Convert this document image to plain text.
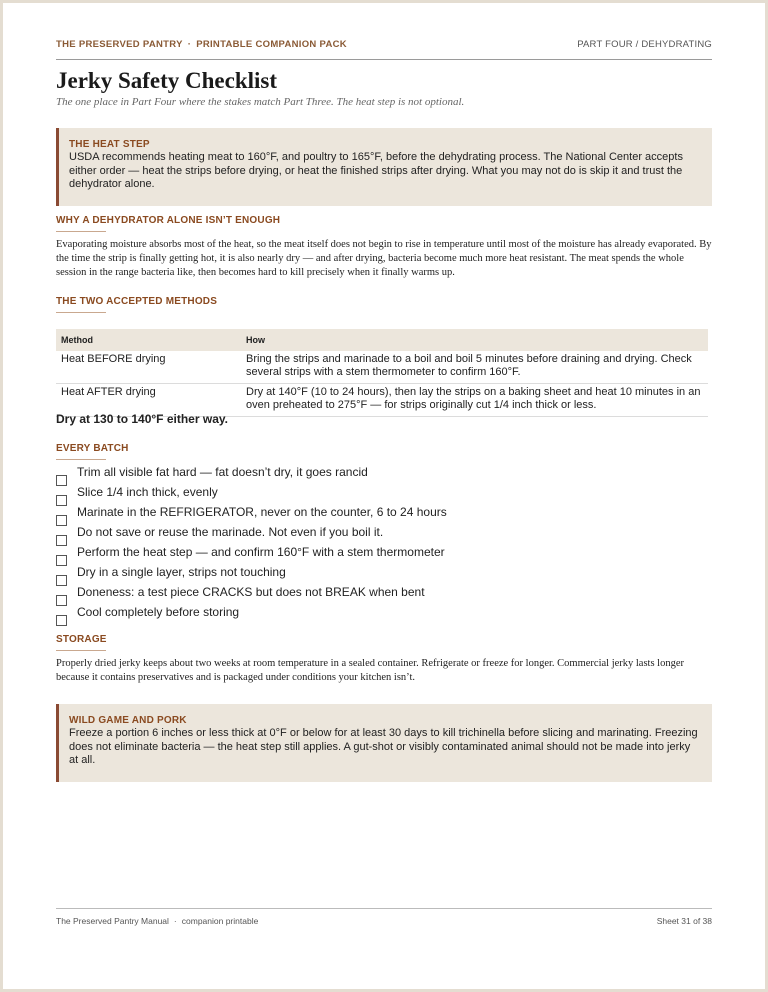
THE PRESERVED PANTRY · PRINTABLE COMPANION PACK	PART FOUR / DEHYDRATING
Jerky Safety Checklist
The one place in Part Four where the stakes match Part Three. The heat step is not optional.
THE HEAT STEP
USDA recommends heating meat to 160°F, and poultry to 165°F, before the dehydrating process. The National Center accepts either order — heat the strips before drying, or heat the finished strips after drying. What you may not do is skip it and trust the dehydrator alone.
WHY A DEHYDRATOR ALONE ISN’T ENOUGH
Evaporating moisture absorbs most of the heat, so the meat itself does not begin to rise in temperature until most of the moisture has already evaporated. By the time the strip is finally getting hot, it is also nearly dry — and after drying, bacteria become much more heat resistant. The meat spends the whole session in the range bacteria like, then becomes hard to kill precisely when it finally warms up.
THE TWO ACCEPTED METHODS
Method	How
Heat BEFORE drying	Bring the strips and marinade to a boil and boil 5 minutes before draining and drying. Check several strips with a stem thermometer to confirm 160°F.
Heat AFTER drying	Dry at 140°F (10 to 24 hours), then lay the strips on a baking sheet and heat 10 minutes in an oven preheated to 275°F — for strips originally cut 1/4 inch thick or less.
Dry at 130 to 140°F either way.
EVERY BATCH
Trim all visible fat hard — fat doesn’t dry, it goes rancid
Slice 1/4 inch thick, evenly
Marinate in the REFRIGERATOR, never on the counter, 6 to 24 hours
Do not save or reuse the marinade. Not even if you boil it.
Perform the heat step — and confirm 160°F with a stem thermometer
Dry in a single layer, strips not touching
Doneness: a test piece CRACKS but does not BREAK when bent
Cool completely before storing
STORAGE
Properly dried jerky keeps about two weeks at room temperature in a sealed container. Refrigerate or freeze for longer. Commercial jerky lasts longer because it contains preservatives and is packaged under conditions your kitchen isn’t.
WILD GAME AND PORK
Freeze a portion 6 inches or less thick at 0°F or below for at least 30 days to kill trichinella before slicing and marinating. Freezing does not eliminate bacteria — the heat step still applies. A gut-shot or visibly contaminated animal should not be made into jerky at all.
The Preserved Pantry Manual · companion printable	Sheet 31 of 38
